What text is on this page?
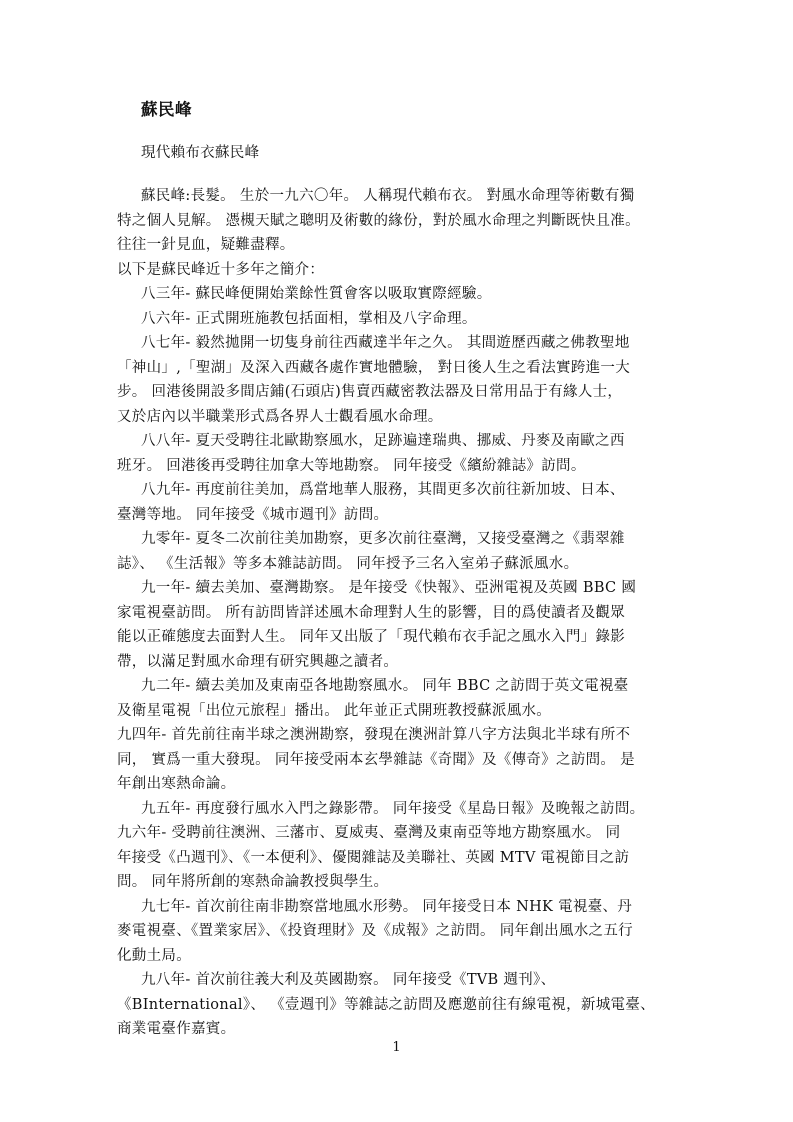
蘇民峰
現代賴布衣蘇民峰
蘇民峰:長髮。 生於一九六〇年。 人稱現代賴布衣。 對風水命理等術數有獨
特之個人見解。 憑槻天賦之聰明及術數的緣份，對於風水命理之判斷既快且准。
往往一針見血，疑難盡釋。
以下是蘇民峰近十多年之簡介：
八三年- 蘇民峰便開始業餘性質會客以吸取實際經驗。
八六年- 正式開班施教包括面相，掌相及八字命理。
八七年- 毅然拋開一切隻身前往西藏達半年之久。 其間遊歷西藏之佛教聖地
「神山」,「聖湖」及深入西藏各處作實地體驗， 對日後人生之看法實跨進一大
步。 回港後開設多間店鋪(石頭店)售賣西藏密教法器及日常用品于有緣人士，
又於店內以半職業形式爲各界人士觀看風水命理。
八八年- 夏天受聘往北歐勘察風水，足跡遍達瑞典、挪威、丹麥及南歐之西
班牙。 回港後再受聘往加拿大等地勘察。 同年接受《繽紛雜誌》訪問。
八九年- 再度前往美加，爲當地華人服務，其間更多次前往新加坡、日本、
臺灣等地。 同年接受《城市週刊》訪問。
九零年- 夏冬二次前往美加勘察，更多次前往臺灣，又接受臺灣之《翡翠雜
誌》、 《生活報》等多本雜誌訪問。 同年授予三名入室弟子蘇派風水。
九一年- 續去美加、臺灣勘察。 是年接受《快報》、亞洲電視及英國 BBC 國
家電視臺訪問。 所有訪問皆詳述風木命理對人生的影響，目的爲使讀者及觀眾
能以正確態度去面對人生。 同年又出版了「現代賴布衣手記之風水入門」錄影
帶，以滿足對風水命理有研究興趣之讀者。
九二年- 續去美加及東南亞各地勘察風水。 同年 BBC 之訪問于英文電視臺
及衛星電視「出位元旅程」播出。 此年並正式開班教授蘇派風水。
九四年- 首先前往南半球之澳洲勘察，發現在澳洲計算八字方法與北半球有所不
同， 實爲一重大發現。 同年接受兩本玄學雜誌《奇聞》及《傳奇》之訪問。 是
年創出寒熱命論。
九五年- 再度發行風水入門之錄影帶。 同年接受《星島日報》及晚報之訪問。
九六年- 受聘前往澳洲、三藩市、夏威夷、臺灣及東南亞等地方勘察風水。 同
年接受《凸週刊》、《一本便利》、優閱雜誌及美聯社、英國 MTV 電視節目之訪
問。 同年將所創的寒熱命論教授與學生。
九七年- 首次前往南非勘察當地風水形勢。 同年接受日本 NHK 電視臺、丹
麥電視臺、《置業家居》、《投資理財》及《成報》之訪問。 同年創出風水之五行
化動土局。
九八年- 首次前往義大利及英國勘察。 同年接受《TVB 週刊》、
《BInternational》、 《壹週刊》等雜誌之訪問及應邀前往有線電視，新城電臺、
商業電臺作嘉賓。
1
